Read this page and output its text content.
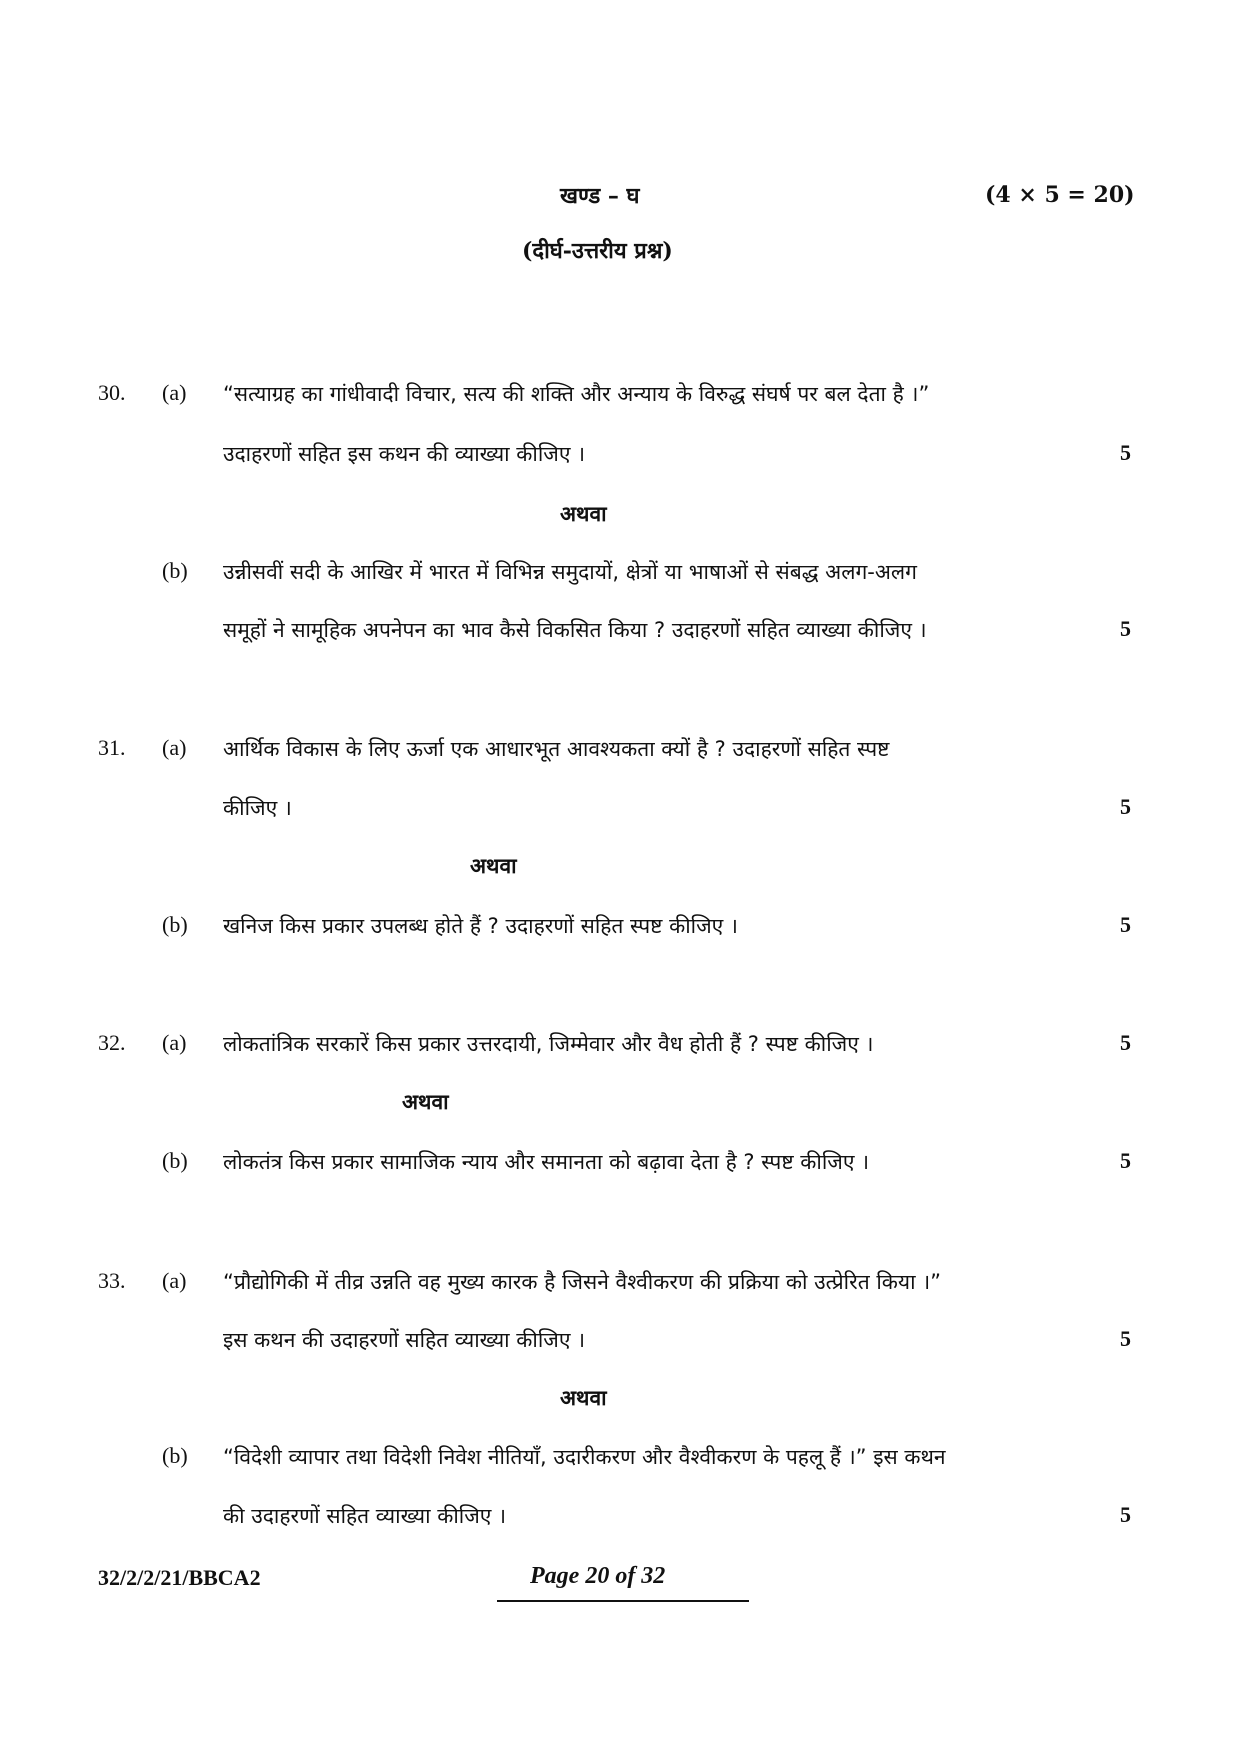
खण्ड – घ	(4 × 5 = 20)
(दीर्घ-उत्तरीय प्रश्न)
30. (a) “सत्याग्रह का गांधीवादी विचार, सत्य की शक्ति और अन्याय के विरुद्ध संघर्ष पर बल देता है ।”
उदाहरणों सहित इस कथन की व्याख्या कीजिए ।	5
अथवा
(b) उन्नीसवीं सदी के आखिर में भारत में विभिन्न समुदायों, क्षेत्रों या भाषाओं से संबद्ध अलग-अलग
समूहों ने सामूहिक अपनेपन का भाव कैसे विकसित किया ? उदाहरणों सहित व्याख्या कीजिए ।	5
31. (a) आर्थिक विकास के लिए ऊर्जा एक आधारभूत आवश्यकता क्यों है ? उदाहरणों सहित स्पष्ट
कीजिए ।	5
अथवा
(b) खनिज किस प्रकार उपलब्ध होते हैं ? उदाहरणों सहित स्पष्ट कीजिए ।	5
32. (a) लोकतांत्रिक सरकारें किस प्रकार उत्तरदायी, जिम्मेवार और वैध होती हैं ? स्पष्ट कीजिए ।	5
अथवा
(b) लोकतंत्र किस प्रकार सामाजिक न्याय और समानता को बढ़ावा देता है ? स्पष्ट कीजिए ।	5
33. (a) “प्रौद्योगिकी में तीव्र उन्नति वह मुख्य कारक है जिसने वैश्वीकरण की प्रक्रिया को उत्प्रेरित किया ।”
इस कथन की उदाहरणों सहित व्याख्या कीजिए ।	5
अथवा
(b) “विदेशी व्यापार तथा विदेशी निवेश नीतियाँ, उदारीकरण और वैश्वीकरण के पहलू हैं ।” इस कथन
की उदाहरणों सहित व्याख्या कीजिए ।	5
32/2/2/21/BBCA2	Page 20 of 32
